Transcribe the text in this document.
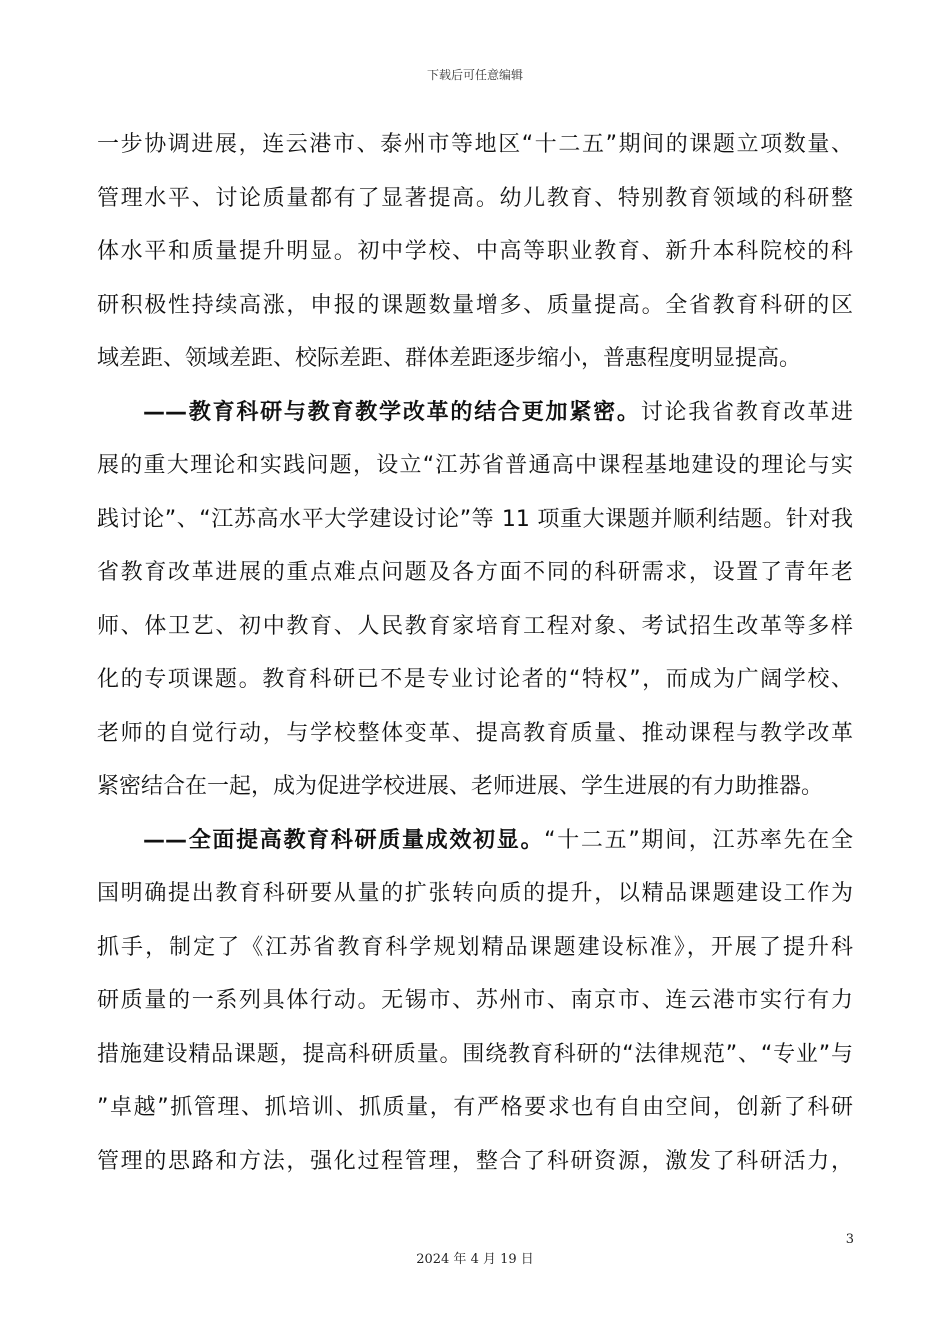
下载后可任意编辑
一步协调进展，连云港市、泰州市等地区“十二五”期间的课题立项数量、
管理水平、讨论质量都有了显著提高。幼儿教育、特别教育领域的科研整
体水平和质量提升明显。初中学校、中高等职业教育、新升本科院校的科
研积极性持续高涨，申报的课题数量增多、质量提高。全省教育科研的区
域差距、领域差距、校际差距、群体差距逐步缩小，普惠程度明显提高。
——教育科研与教育教学改革的结合更加紧密。讨论我省教育改革进
展的重大理论和实践问题，设立“江苏省普通高中课程基地建设的理论与实
践讨论”、“江苏高水平大学建设讨论”等 11 项重大课题并顺利结题。针对我
省教育改革进展的重点难点问题及各方面不同的科研需求，设置了青年老
师、体卫艺、初中教育、人民教育家培育工程对象、考试招生改革等多样
化的专项课题。教育科研已不是专业讨论者的“特权”，而成为广阔学校、
老师的自觉行动，与学校整体变革、提高教育质量、推动课程与教学改革
紧密结合在一起，成为促进学校进展、老师进展、学生进展的有力助推器。
——全面提高教育科研质量成效初显。“十二五”期间，江苏率先在全
国明确提出教育科研要从量的扩张转向质的提升，以精品课题建设工作为
抓手，制定了《江苏省教育科学规划精品课题建设标准》，开展了提升科
研质量的一系列具体行动。无锡市、苏州市、南京市、连云港市实行有力
措施建设精品课题，提高科研质量。围绕教育科研的“法律规范”、“专业”与
”卓越”抓管理、抓培训、抓质量，有严格要求也有自由空间，创新了科研
管理的思路和方法，强化过程管理，整合了科研资源，激发了科研活力，
3
2024 年 4 月 19 日
